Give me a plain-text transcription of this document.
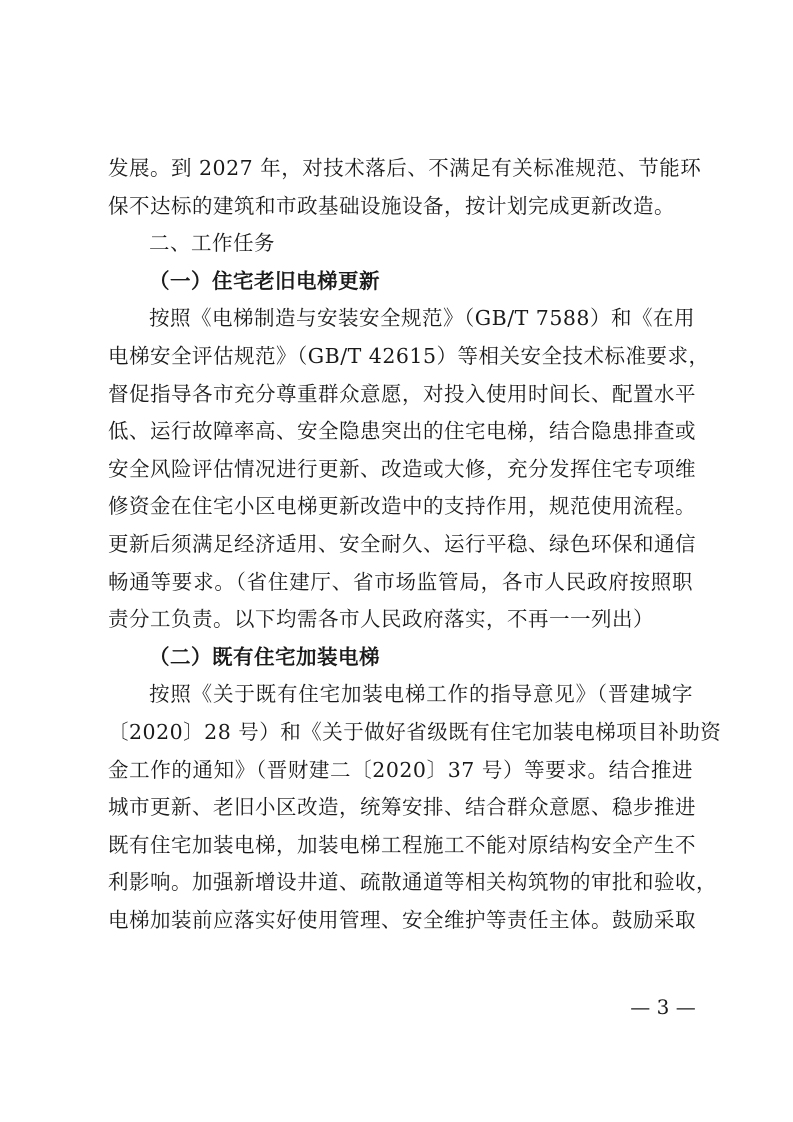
发展。到 2027 年，对技术落后、不满足有关标准规范、节能环
保不达标的建筑和市政基础设施设备，按计划完成更新改造。
二、工作任务
（一）住宅老旧电梯更新
按照《电梯制造与安装安全规范》（GB/T 7588）和《在用
电梯安全评估规范》（GB/T 42615）等相关安全技术标准要求，
督促指导各市充分尊重群众意愿，对投入使用时间长、配置水平
低、运行故障率高、安全隐患突出的住宅电梯，结合隐患排查或
安全风险评估情况进行更新、改造或大修，充分发挥住宅专项维
修资金在住宅小区电梯更新改造中的支持作用，规范使用流程。
更新后须满足经济适用、安全耐久、运行平稳、绿色环保和通信
畅通等要求。（省住建厅、省市场监管局，各市人民政府按照职
责分工负责。以下均需各市人民政府落实，不再一一列出）
（二）既有住宅加装电梯
按照《关于既有住宅加装电梯工作的指导意见》（晋建城字
〔2020〕28 号）和《关于做好省级既有住宅加装电梯项目补助资
金工作的通知》（晋财建二〔2020〕37 号）等要求。结合推进
城市更新、老旧小区改造，统筹安排、结合群众意愿、稳步推进
既有住宅加装电梯，加装电梯工程施工不能对原结构安全产生不
利影响。加强新增设井道、疏散通道等相关构筑物的审批和验收，
电梯加装前应落实好使用管理、安全维护等责任主体。鼓励采取
— 3 —
